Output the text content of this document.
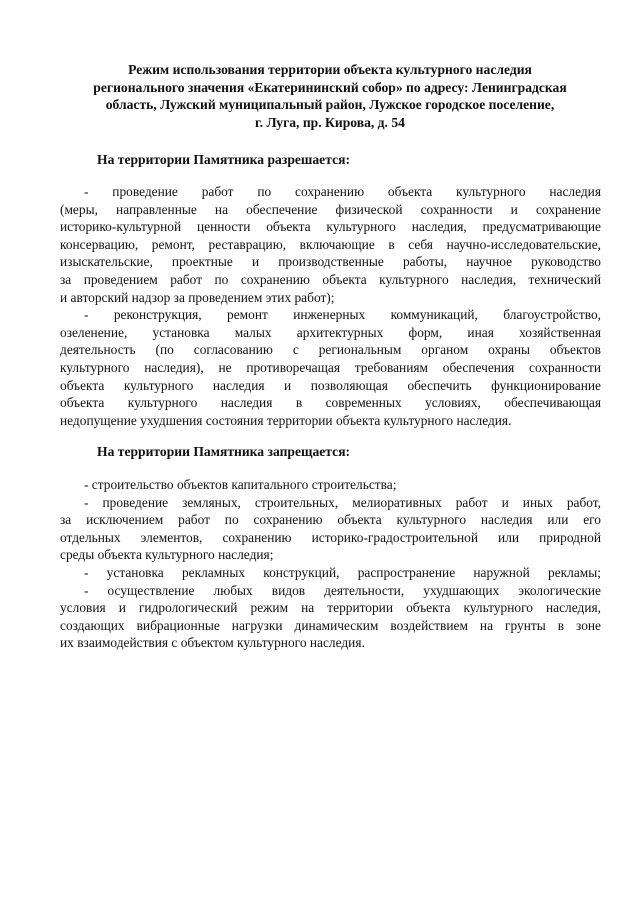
Режим использования территории объекта культурного наследия
регионального значения «Екатерининский собор» по адресу: Ленинградская
область, Лужский муниципальный район, Лужское городское поселение,
г. Луга, пр. Кирова, д. 54
На территории Памятника разрешается:
- проведение работ по сохранению объекта культурного наследия
(меры, направленные на обеспечение физической сохранности и сохранение
историко-культурной ценности объекта культурного наследия, предусматривающие
консервацию, ремонт, реставрацию, включающие в себя научно-исследовательские,
изыскательские, проектные и производственные работы, научное руководство
за проведением работ по сохранению объекта культурного наследия, технический
и авторский надзор за проведением этих работ);
- реконструкция, ремонт инженерных коммуникаций, благоустройство,
озеленение, установка малых архитектурных форм, иная хозяйственная
деятельность (по согласованию с региональным органом охраны объектов
культурного наследия), не противоречащая требованиям обеспечения сохранности
объекта культурного наследия и позволяющая обеспечить функционирование
объекта культурного наследия в современных условиях, обеспечивающая
недопущение ухудшения состояния территории объекта культурного наследия.
На территории Памятника запрещается:
- строительство объектов капитального строительства;
- проведение земляных, строительных, мелиоративных работ и иных работ,
за исключением работ по сохранению объекта культурного наследия или его
отдельных элементов, сохранению историко-градостроительной или природной
среды объекта культурного наследия;
- установка рекламных конструкций, распространение наружной рекламы;
- осуществление любых видов деятельности, ухудшающих экологические
условия и гидрологический режим на территории объекта культурного наследия,
создающих вибрационные нагрузки динамическим воздействием на грунты в зоне
их взаимодействия с объектом культурного наследия.
